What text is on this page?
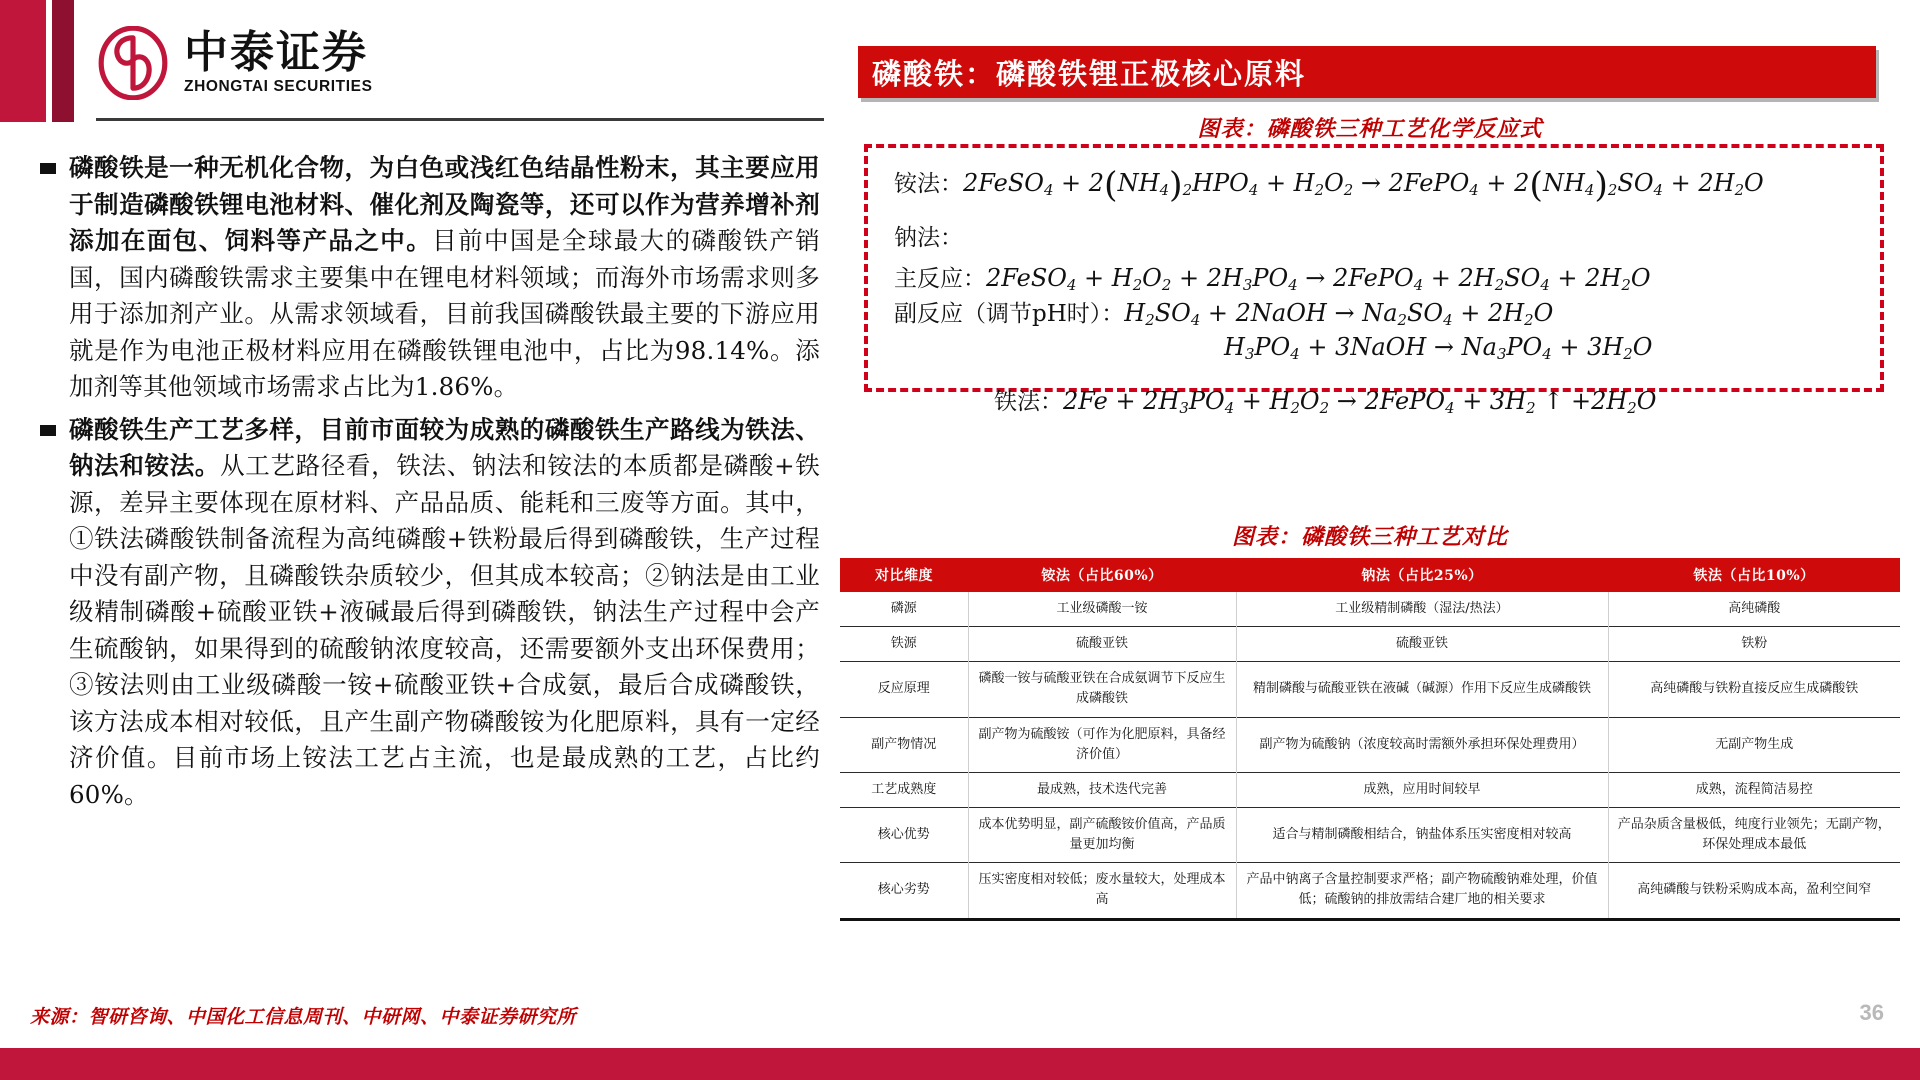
中泰证券
ZHONGTAI SECURITIES	磷酸铁：磷酸铁锂正极核心原料

磷酸铁是一种无机化合物，为白色或浅红色结晶性粉末，其主要应用于制造磷酸铁锂电池材料、催化剂及陶瓷等，还可以作为营养增补剂添加在面包、饲料等产品之中。目前中国是全球最大的磷酸铁产销国，国内磷酸铁需求主要集中在锂电材料领域；而海外市场需求则多用于添加剂产业。从需求领域看，目前我国磷酸铁最主要的下游应用就是作为电池正极材料应用在磷酸铁锂电池中，占比为98.14%。添加剂等其他领域市场需求占比为1.86%。

磷酸铁生产工艺多样，目前市面较为成熟的磷酸铁生产路线为铁法、钠法和铵法。从工艺路径看，铁法、钠法和铵法的本质都是磷酸+铁源，差异主要体现在原材料、产品品质、能耗和三废等方面。其中，①铁法磷酸铁制备流程为高纯磷酸+铁粉最后得到磷酸铁，生产过程中没有副产物，且磷酸铁杂质较少，但其成本较高；②钠法是由工业级精制磷酸+硫酸亚铁+液碱最后得到磷酸铁，钠法生产过程中会产生硫酸钠，如果得到的硫酸钠浓度较高，还需要额外支出环保费用；③铵法则由工业级磷酸一铵+硫酸亚铁+合成氨，最后合成磷酸铁，该方法成本相对较低，且产生副产物磷酸铵为化肥原料，具有一定经济价值。目前市场上铵法工艺占主流，也是最成熟的工艺，占比约60%。

图表：磷酸铁三种工艺化学反应式
铵法：2FeSO$_4$ + $2(NH_4)_2HPO_4 + H_2O_2$ → 2FePO$_4$ + $2(NH_4)_2SO_4 + 2H_2O$
钠法：
主反应：2FeSO$_4$ + $H_2O_2 + 2H_3PO_4$ → 2FePO$_4$ + $2H_2SO_4 + 2H_2O$
副反应（调节pH时）：$H_2SO_4$ + 2NaOH → $Na_2SO_4 + 2H_2O$
$H_3PO_4$ + 3NaOH → $Na_3PO_4 + 3H_2O$
铁法：$2Fe + 2H_3PO_4 + H_2O_2$ → 2FePO$_4$ + $3H_2$ ↑ $+2H_2O$
图表：磷酸铁三种工艺对比
对比维度	铵法（占比60%）	钠法（占比25%）	铁法（占比10%）
磷源	工业级磷酸一铵	工业级精制磷酸（湿法/热法）	高纯磷酸
铁源	硫酸亚铁	硫酸亚铁	铁粉
反应原理	磷酸一铵与硫酸亚铁在合成氨调节下反应生成磷酸铁	精制磷酸与硫酸亚铁在液碱（碱源）作用下反应生成磷酸铁	高纯磷酸与铁粉直接反应生成磷酸铁
副产物情况	副产物为硫酸铵（可作为化肥原料，具备经济价值）	副产物为硫酸钠（浓度较高时需额外承担环保处理费用）	无副产物生成
工艺成熟度	最成熟，技术迭代完善	成熟，应用时间较早	成熟，流程简洁易控
核心优势	成本优势明显，副产硫酸铵价值高，产品质量更加均衡	适合与精制磷酸相结合，钠盐体系压实密度相对较高	产品杂质含量极低，纯度行业领先；无副产物，环保处理成本最低
核心劣势	压实密度相对较低；废水量较大，处理成本高	产品中钠离子含量控制要求严格；副产物硫酸钠难处理，价值低；硫酸钠的排放需结合建厂地的相关要求	高纯磷酸与铁粉采购成本高，盈利空间窄
来源：智研咨询、中国化工信息周刊、中研网、中泰证券研究所	36
